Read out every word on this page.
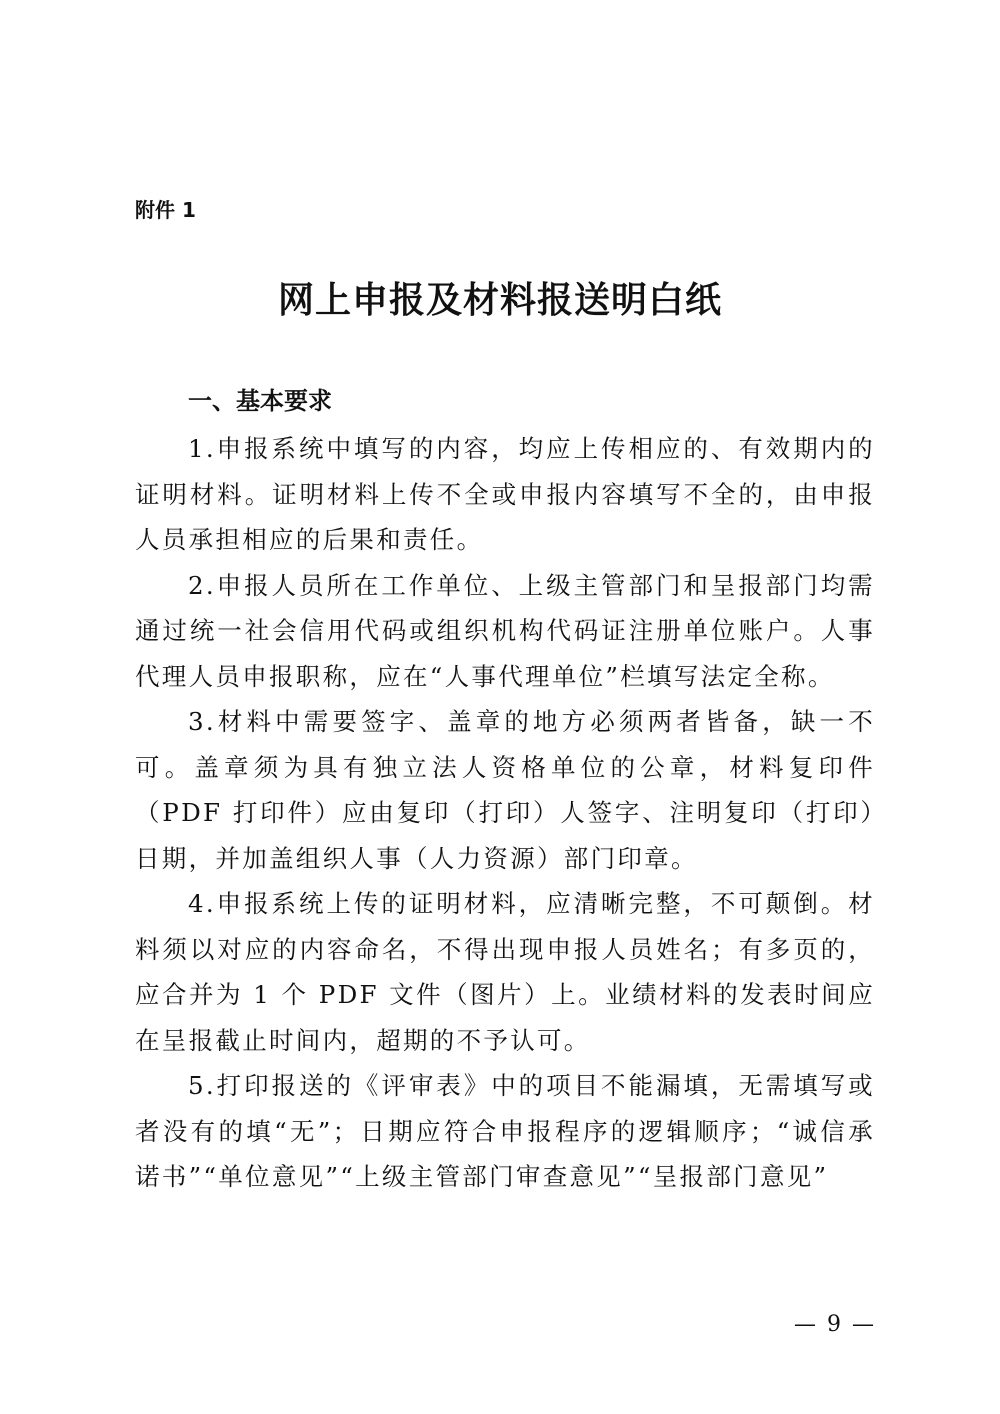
附件 1

网上申报及材料报送明白纸
一、基本要求

1.申报系统中填写的内容，均应上传相应的、有效期内的证明材料。证明材料上传不全或申报内容填写不全的，由申报人员承担相应的后果和责任。

2.申报人员所在工作单位、上级主管部门和呈报部门均需通过统一社会信用代码或组织机构代码证注册单位账户。人事代理人员申报职称，应在“人事代理单位”栏填写法定全称。

3.材料中需要签字、盖章的地方必须两者皆备，缺一不可。盖章须为具有独立法人资格单位的公章，材料复印件（PDF 打印件）应由复印（打印）人签字、注明复印（打印）日期，并加盖组织人事（人力资源）部门印章。

4.申报系统上传的证明材料，应清晰完整，不可颠倒。材料须以对应的内容命名，不得出现申报人员姓名；有多页的，应合并为 1 个 PDF 文件（图片）上。业绩材料的发表时间应在呈报截止时间内，超期的不予认可。

5.打印报送的《评审表》中的项目不能漏填，无需填写或者没有的填“无”；日期应符合申报程序的逻辑顺序；“诚信承诺书”“单位意见”“上级主管部门审查意见”“呈报部门意见”

— 9 —
